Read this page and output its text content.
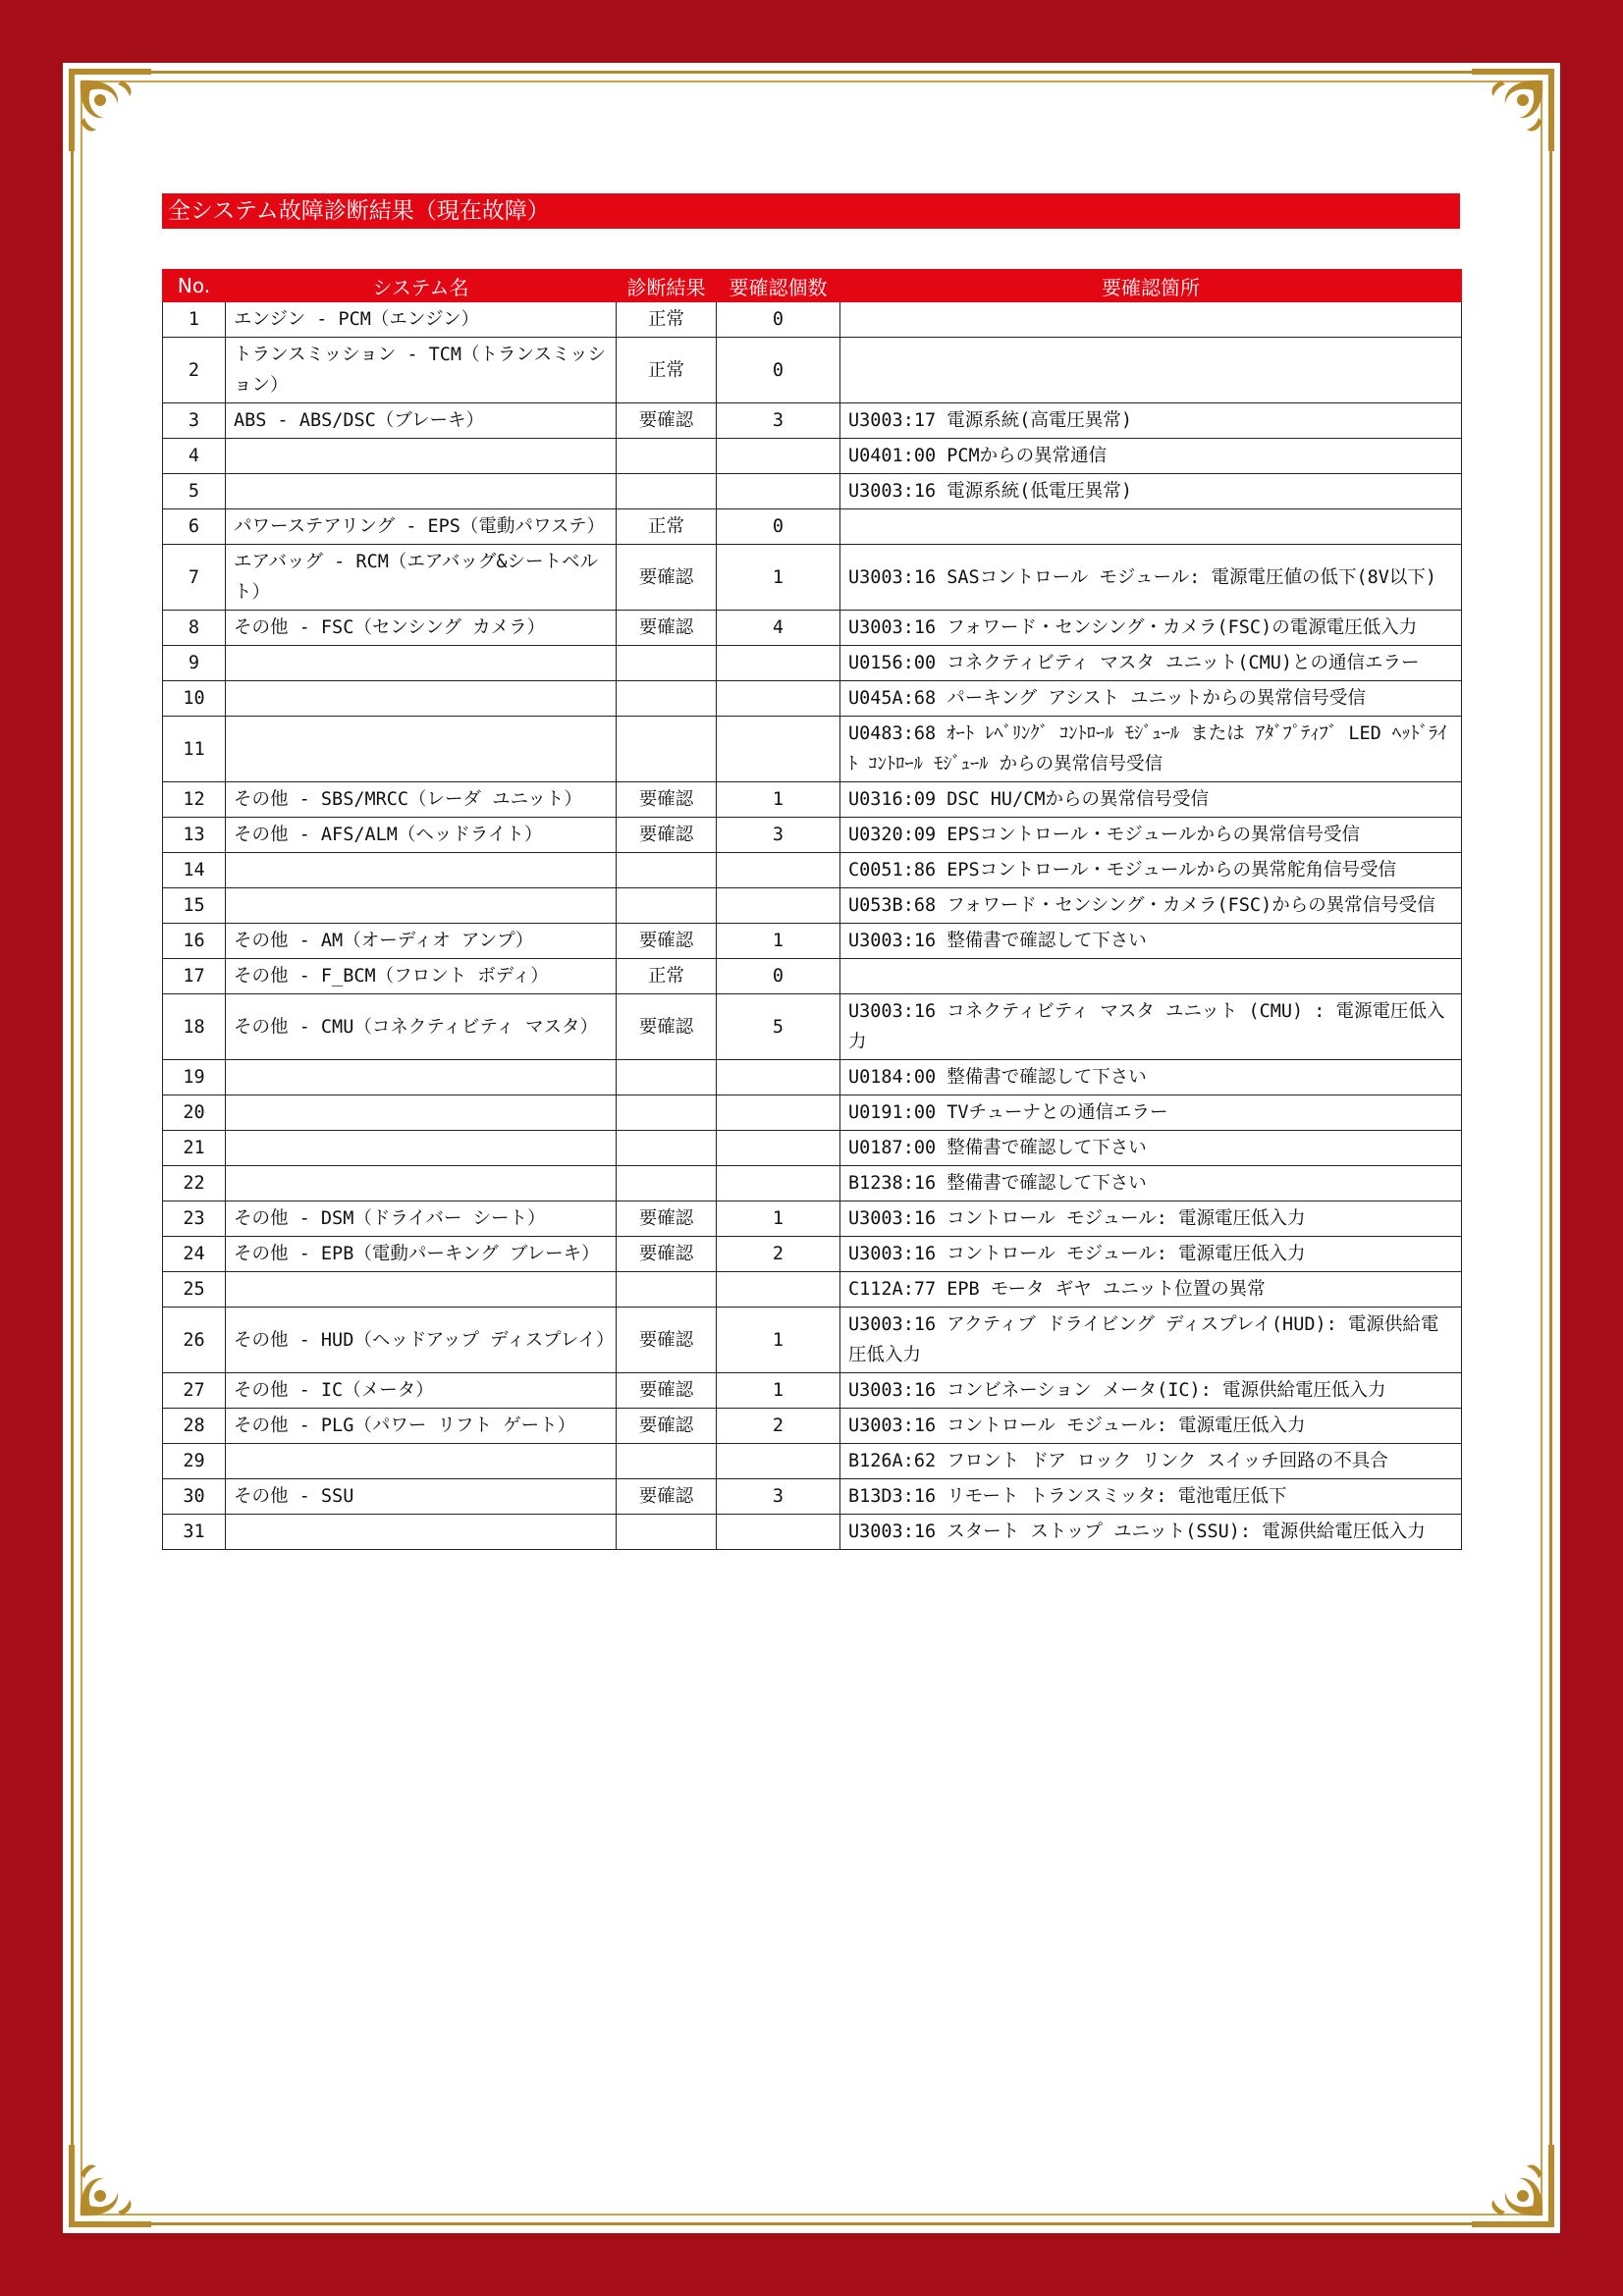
全システム故障診断結果（現在故障）
No.	システム名	診断結果	要確認個数	要確認箇所
1	エンジン - PCM（エンジン）	正常	0	
2	トランスミッション - TCM（トランスミッション）	正常	0	
3	ABS - ABS/DSC（ブレーキ）	要確認	3	U3003:17 電源系統(高電圧異常)
4				U0401:00 PCMからの異常通信
5				U3003:16 電源系統(低電圧異常)
6	パワーステアリング - EPS（電動パワステ）	正常	0	
7	エアバッグ - RCM（エアバッグ&シートベルト）	要確認	1	U3003:16 SASコントロール モジュール: 電源電圧値の低下(8V以下)
8	その他 - FSC（センシング カメラ）	要確認	4	U3003:16 フォワード・センシング・カメラ(FSC)の電源電圧低入力
9				U0156:00 コネクティビティ マスタ ユニット(CMU)との通信エラー
10				U045A:68 パーキング アシスト ユニットからの異常信号受信
11				U0483:68 ｵｰﾄ ﾚﾍﾞﾘﾝｸﾞ ｺﾝﾄﾛｰﾙ ﾓｼﾞｭｰﾙ または ｱﾀﾞﾌﾟﾃｨﾌﾞ LED ﾍｯﾄﾞﾗｲﾄ ｺﾝﾄﾛｰﾙ ﾓｼﾞｭｰﾙ からの異常信号受信
12	その他 - SBS/MRCC（レーダ ユニット）	要確認	1	U0316:09 DSC HU/CMからの異常信号受信
13	その他 - AFS/ALM（ヘッドライト）	要確認	3	U0320:09 EPSコントロール・モジュールからの異常信号受信
14				C0051:86 EPSコントロール・モジュールからの異常舵角信号受信
15				U053B:68 フォワード・センシング・カメラ(FSC)からの異常信号受信
16	その他 - AM（オーディオ アンプ）	要確認	1	U3003:16 整備書で確認して下さい
17	その他 - F_BCM（フロント ボディ）	正常	0	
18	その他 - CMU（コネクティビティ マスタ）	要確認	5	U3003:16 コネクティビティ マスタ ユニット (CMU) : 電源電圧低入力
19				U0184:00 整備書で確認して下さい
20				U0191:00 TVチューナとの通信エラー
21				U0187:00 整備書で確認して下さい
22				B1238:16 整備書で確認して下さい
23	その他 - DSM（ドライバー シート）	要確認	1	U3003:16 コントロール モジュール: 電源電圧低入力
24	その他 - EPB（電動パーキング ブレーキ）	要確認	2	U3003:16 コントロール モジュール: 電源電圧低入力
25				C112A:77 EPB モータ ギヤ ユニット位置の異常
26	その他 - HUD（ヘッドアップ ディスプレイ）	要確認	1	U3003:16 アクティブ ドライビング ディスプレイ(HUD): 電源供給電圧低入力
27	その他 - IC（メータ）	要確認	1	U3003:16 コンビネーション メータ(IC): 電源供給電圧低入力
28	その他 - PLG（パワー リフト ゲート）	要確認	2	U3003:16 コントロール モジュール: 電源電圧低入力
29				B126A:62 フロント ドア ロック リンク スイッチ回路の不具合
30	その他 - SSU	要確認	3	B13D3:16 リモート トランスミッタ: 電池電圧低下
31				U3003:16 スタート ストップ ユニット(SSU): 電源供給電圧低入力
